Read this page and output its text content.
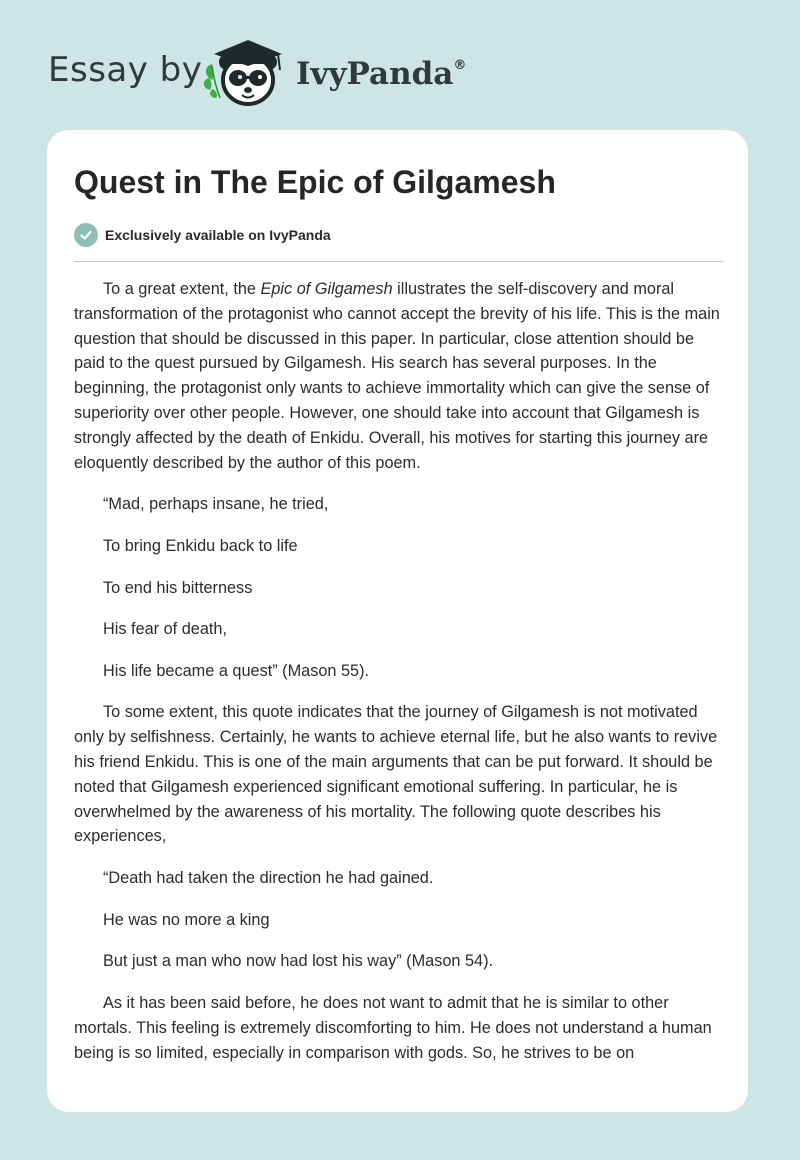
Essay by	IvyPanda®
Quest in The Epic of Gilgamesh
Exclusively available on IvyPanda

To a great extent, the Epic of Gilgamesh illustrates the self-discovery and moral transformation of the protagonist who cannot accept the brevity of his life. This is the main question that should be discussed in this paper. In particular, close attention should be paid to the quest pursued by Gilgamesh. His search has several purposes. In the beginning, the protagonist only wants to achieve immortality which can give the sense of superiority over other people. However, one should take into account that Gilgamesh is strongly affected by the death of Enkidu. Overall, his motives for starting this journey are eloquently described by the author of this poem.

“Mad, perhaps insane, he tried,

To bring Enkidu back to life

To end his bitterness

His fear of death,

His life became a quest” (Mason 55).

To some extent, this quote indicates that the journey of Gilgamesh is not motivated only by selfishness. Certainly, he wants to achieve eternal life, but he also wants to revive his friend Enkidu. This is one of the main arguments that can be put forward. It should be noted that Gilgamesh experienced significant emotional suffering. In particular, he is overwhelmed by the awareness of his mortality. The following quote describes his experiences,

“Death had taken the direction he had gained.

He was no more a king

But just a man who now had lost his way” (Mason 54).

As it has been said before, he does not want to admit that he is similar to other mortals. This feeling is extremely discomforting to him. He does not understand a human being is so limited, especially in comparison with gods. So, he strives to be on
